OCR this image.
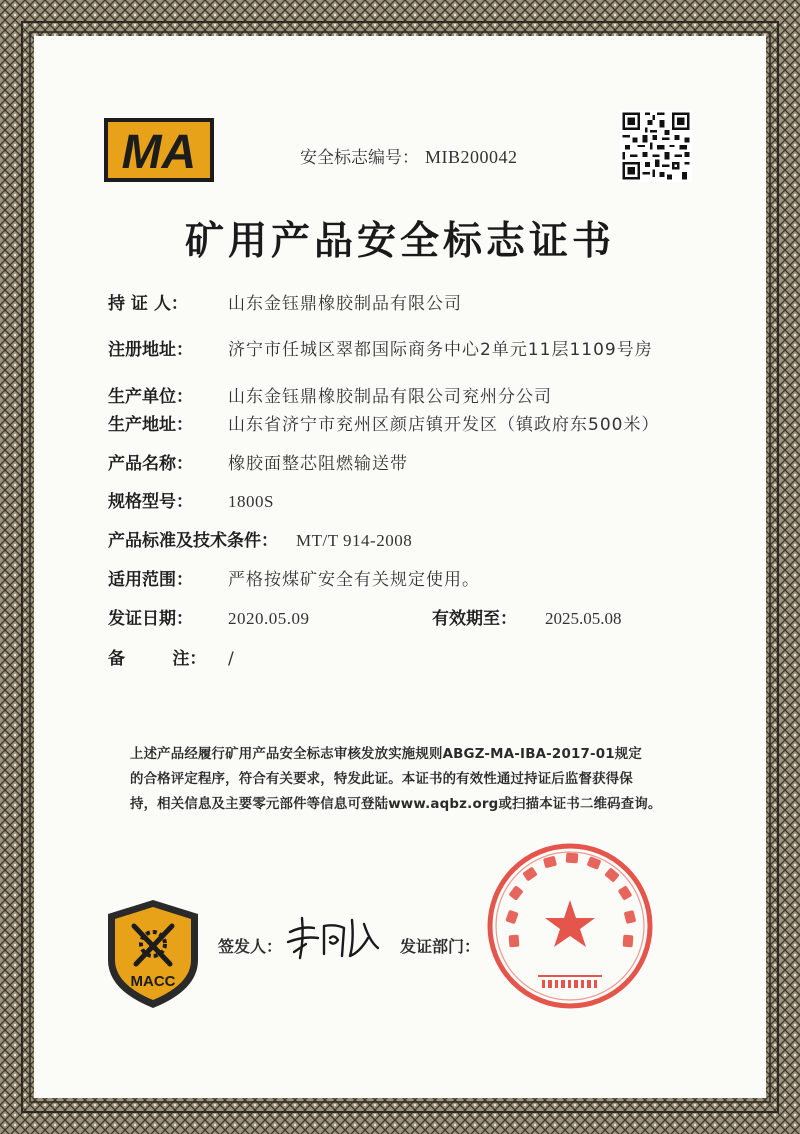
MA	安全标志编号： MIB200042
矿用产品安全标志证书
持 证 人： 山东金钰鼎橡胶制品有限公司
注册地址： 济宁市任城区翠都国际商务中心2单元11层1109号房
生产单位： 山东金钰鼎橡胶制品有限公司兖州分公司
生产地址： 山东省济宁市兖州区颜店镇开发区（镇政府东500米）
产品名称： 橡胶面整芯阻燃输送带
规格型号： 1800S
产品标准及技术条件： MT/T 914-2008
适用范围： 严格按煤矿安全有关规定使用。
发证日期： 2020.05.09	有效期至： 2025.05.08
备        注： /
上述产品经履行矿用产品安全标志审核发放实施规则ABGZ-MA-IBA-2017-01规定
的合格评定程序，符合有关要求，特发此证。本证书的有效性通过持证后监督获得保
持，相关信息及主要零元部件等信息可登陆www.aqbz.org或扫描本证书二维码查询。
MACC
签发人：	发证部门：
